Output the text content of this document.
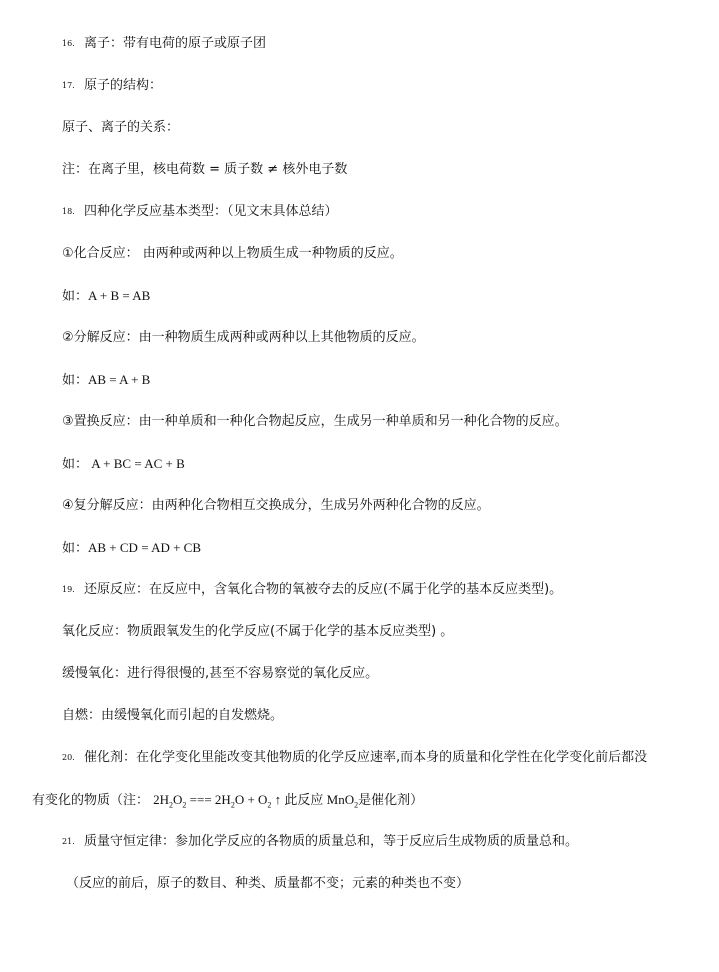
16. 离子：带有电荷的原子或原子团
17. 原子的结构：
原子、离子的关系：
注：在离子里，核电荷数 = 质子数 ≠ 核外电子数
18. 四种化学反应基本类型：（见文末具体总结）
①化合反应： 由两种或两种以上物质生成一种物质的反应。
如：A + B = AB
②分解反应：由一种物质生成两种或两种以上其他物质的反应。
如：AB = A + B
③置换反应：由一种单质和一种化合物起反应，生成另一种单质和另一种化合物的反应。
如： A + BC = AC + B
④复分解反应：由两种化合物相互交换成分，生成另外两种化合物的反应。
如：AB + CD = AD + CB
19. 还原反应：在反应中，含氧化合物的氧被夺去的反应(不属于化学的基本反应类型)。
氧化反应：物质跟氧发生的化学反应(不属于化学的基本反应类型) 。
缓慢氧化：进行得很慢的,甚至不容易察觉的氧化反应。
自燃：由缓慢氧化而引起的自发燃烧。
20. 催化剂：在化学变化里能改变其他物质的化学反应速率,而本身的质量和化学性在化学变化前后都没
有变化的物质（注： $2H_2O_2$ === $2H_2O + O_2$ ↑ 此反应 MnO$_2$是催化剂）
21. 质量守恒定律：参加化学反应的各物质的质量总和，等于反应后生成物质的质量总和。
（反应的前后，原子的数目、种类、质量都不变；元素的种类也不变）
